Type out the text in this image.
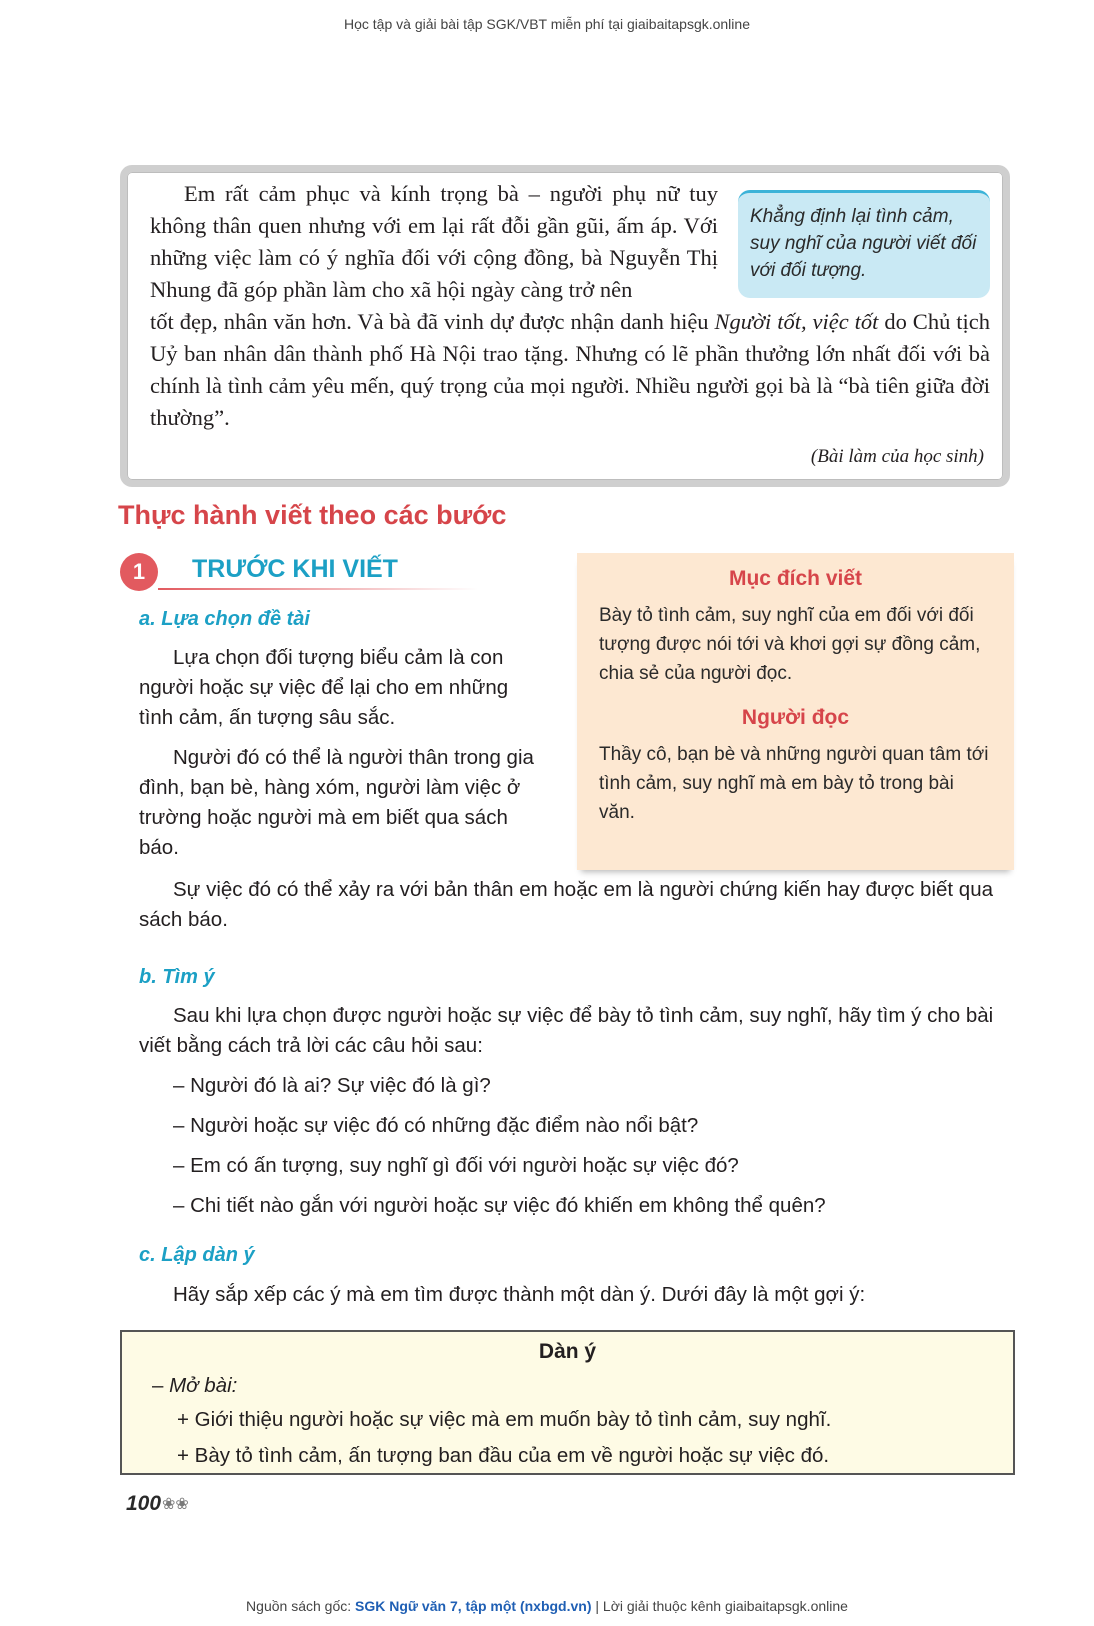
Học tập và giải bài tập SGK/VBT miễn phí tại giaibaitapsgk.online
Em rất cảm phục và kính trọng bà – người phụ nữ tuy không thân quen nhưng với em lại rất đỗi gần gũi, ấm áp. Với những việc làm có ý nghĩa đối với cộng đồng, bà Nguyễn Thị Nhung đã góp phần làm cho xã hội ngày càng trở nên
tốt đẹp, nhân văn hơn. Và bà đã vinh dự được nhận danh hiệu Người tốt, việc tốt do Chủ tịch Uỷ ban nhân dân thành phố Hà Nội trao tặng. Nhưng có lẽ phần thưởng lớn nhất đối với bà chính là tình cảm yêu mến, quý trọng của mọi người. Nhiều người gọi bà là “bà tiên giữa đời thường”.
Khẳng định lại tình cảm, suy nghĩ của người viết đối với đối tượng.
(Bài làm của học sinh)
Thực hành viết theo các bước
1	TRƯỚC KHI VIẾT
a. Lựa chọn đề tài

Lựa chọn đối tượng biểu cảm là con người hoặc sự việc để lại cho em những tình cảm, ấn tượng sâu sắc.

Người đó có thể là người thân trong gia đình, bạn bè, hàng xóm, người làm việc ở trường hoặc người mà em biết qua sách báo.

Sự việc đó có thể xảy ra với bản thân em hoặc em là người chứng kiến hay được biết qua sách báo.

Mục đích viết

Bày tỏ tình cảm, suy nghĩ của em đối với đối tượng được nói tới và khơi gợi sự đồng cảm, chia sẻ của người đọc.

Người đọc

Thầy cô, bạn bè và những người quan tâm tới tình cảm, suy nghĩ mà em bày tỏ trong bài văn.

b. Tìm ý

Sau khi lựa chọn được người hoặc sự việc để bày tỏ tình cảm, suy nghĩ, hãy tìm ý cho bài viết bằng cách trả lời các câu hỏi sau:

– Người đó là ai? Sự việc đó là gì?

– Người hoặc sự việc đó có những đặc điểm nào nổi bật?

– Em có ấn tượng, suy nghĩ gì đối với người hoặc sự việc đó?

– Chi tiết nào gắn với người hoặc sự việc đó khiến em không thể quên?

c. Lập dàn ý
Hãy sắp xếp các ý mà em tìm được thành một dàn ý. Dưới đây là một gợi ý:
Dàn ý
– Mở bài:
+ Giới thiệu người hoặc sự việc mà em muốn bày tỏ tình cảm, suy nghĩ.
+ Bày tỏ tình cảm, ấn tượng ban đầu của em về người hoặc sự việc đó.
100 ❀❀
Nguồn sách gốc: SGK Ngữ văn 7, tập một (nxbgd.vn) | Lời giải thuộc kênh giaibaitapsgk.online
